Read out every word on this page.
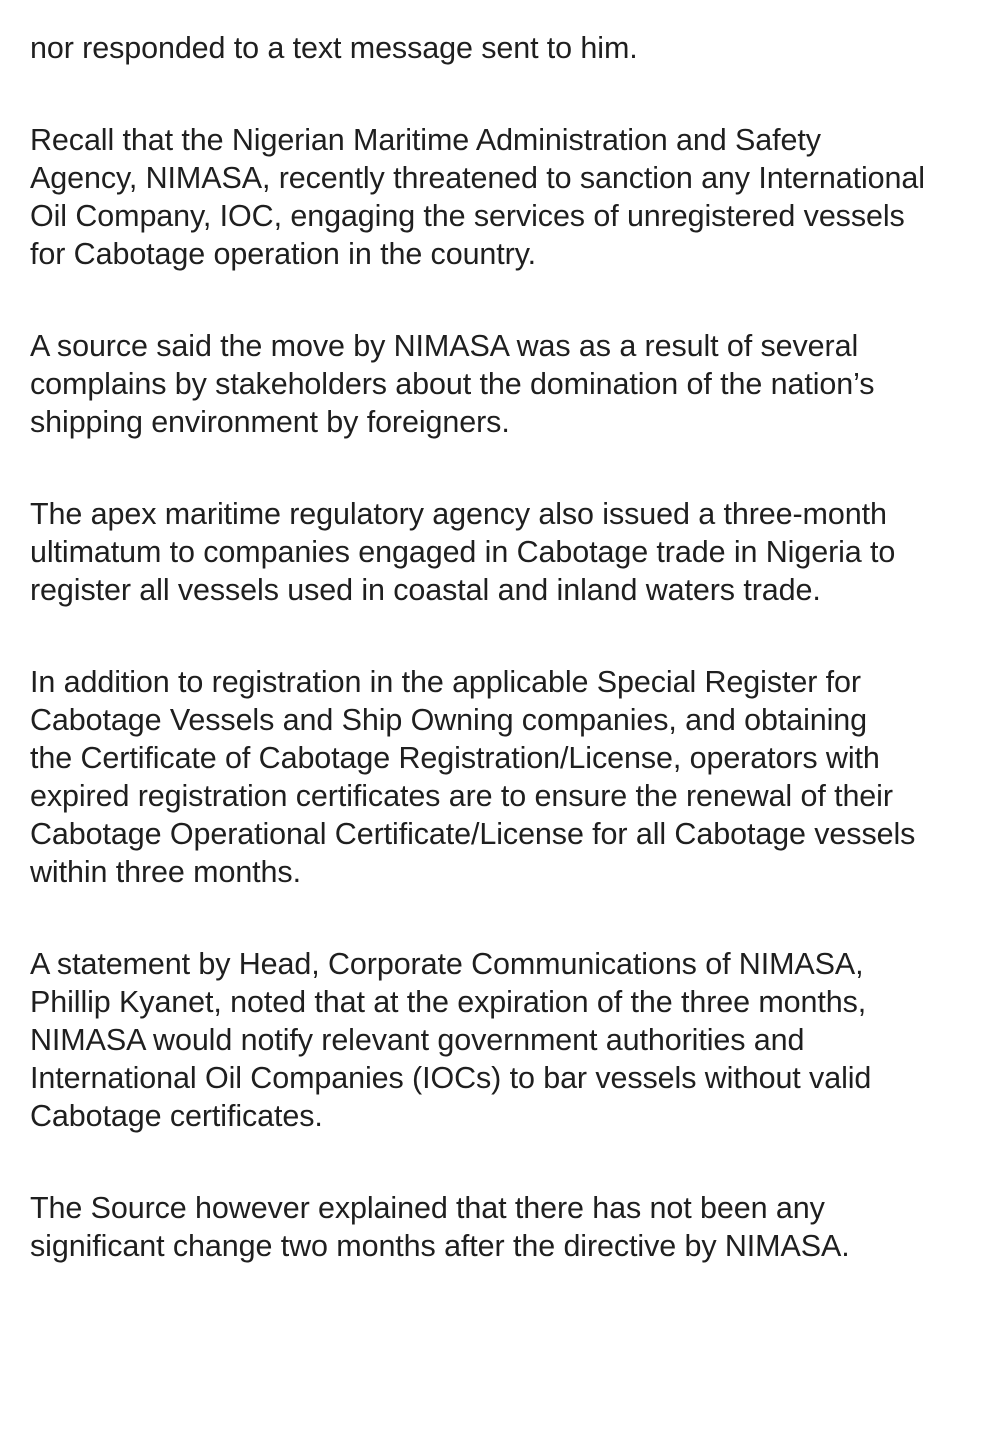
nor responded to a text message sent to him.

Recall that the Nigerian Maritime Administration and Safety
Agency, NIMASA, recently threatened to sanction any International
Oil Company, IOC, engaging the services of unregistered vessels
for Cabotage operation in the country.

A source said the move by NIMASA was as a result of several
complains by stakeholders about the domination of the nation’s
shipping environment by foreigners.

The apex maritime regulatory agency also issued a three-month
ultimatum to companies engaged in Cabotage trade in Nigeria to
register all vessels used in coastal and inland waters trade.

In addition to registration in the applicable Special Register for
Cabotage Vessels and Ship Owning companies, and obtaining
the Certificate of Cabotage Registration/License, operators with
expired registration certificates are to ensure the renewal of their
Cabotage Operational Certificate/License for all Cabotage vessels
within three months.

A statement by Head, Corporate Communications of NIMASA,
Phillip Kyanet, noted that at the expiration of the three months,
NIMASA would notify relevant government authorities and
International Oil Companies (IOCs) to bar vessels without valid
Cabotage certificates.

The Source however explained that there has not been any
significant change two months after the directive by NIMASA.
